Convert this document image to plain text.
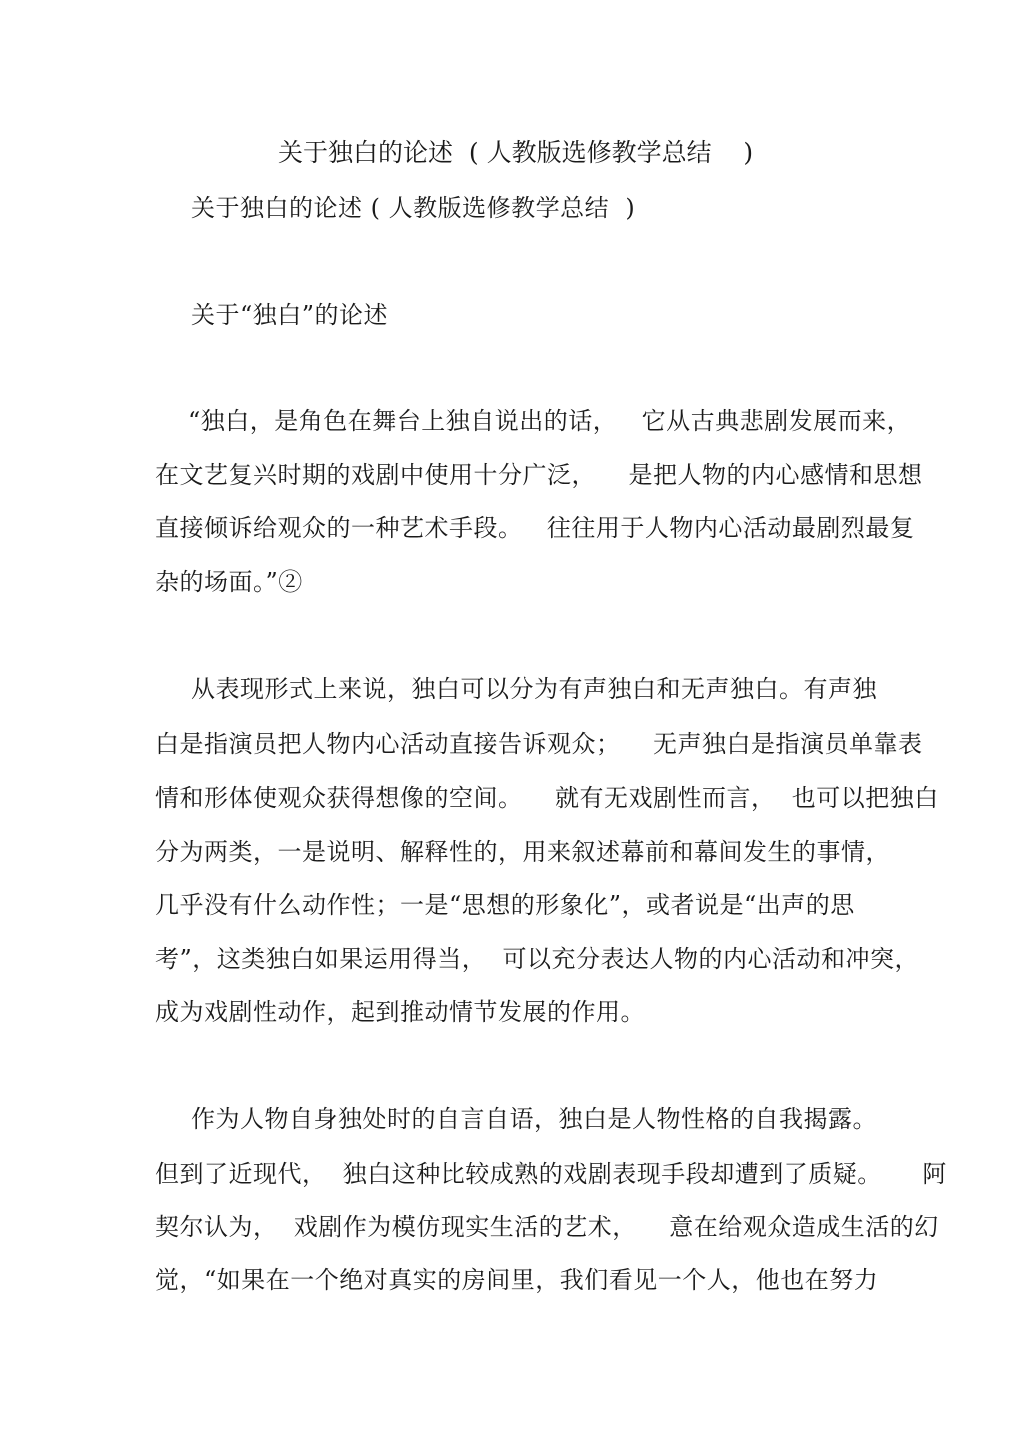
关于独白的论述  ( 人教版选修教学总结    )
关于独白的论述 ( 人教版选修教学总结  )
关于“独白”的论述
“独白，是角色在舞台上独自说出的话，   它从古典悲剧发展而来，
在文艺复兴时期的戏剧中使用十分广泛，    是把人物的内心感情和思想
直接倾诉给观众的一种艺术手段。   往往用于人物内心活动最剧烈最复
杂的场面。”②
从表现形式上来说，独白可以分为有声独白和无声独白。有声独
白是指演员把人物内心活动直接告诉观众；    无声独白是指演员单靠表
情和形体使观众获得想像的空间。    就有无戏剧性而言，  也可以把独白
分为两类，一是说明、解释性的，用来叙述幕前和幕间发生的事情，
几乎没有什么动作性；一是“思想的形象化”，或者说是“出声的思
考”，这类独白如果运用得当，  可以充分表达人物的内心活动和冲突，
成为戏剧性动作，起到推动情节发展的作用。
作为人物自身独处时的自言自语，独白是人物性格的自我揭露。
但到了近现代，  独白这种比较成熟的戏剧表现手段却遭到了质疑。     阿
契尔认为，  戏剧作为模仿现实生活的艺术，    意在给观众造成生活的幻
觉，“如果在一个绝对真实的房间里，我们看见一个人，他也在努力
